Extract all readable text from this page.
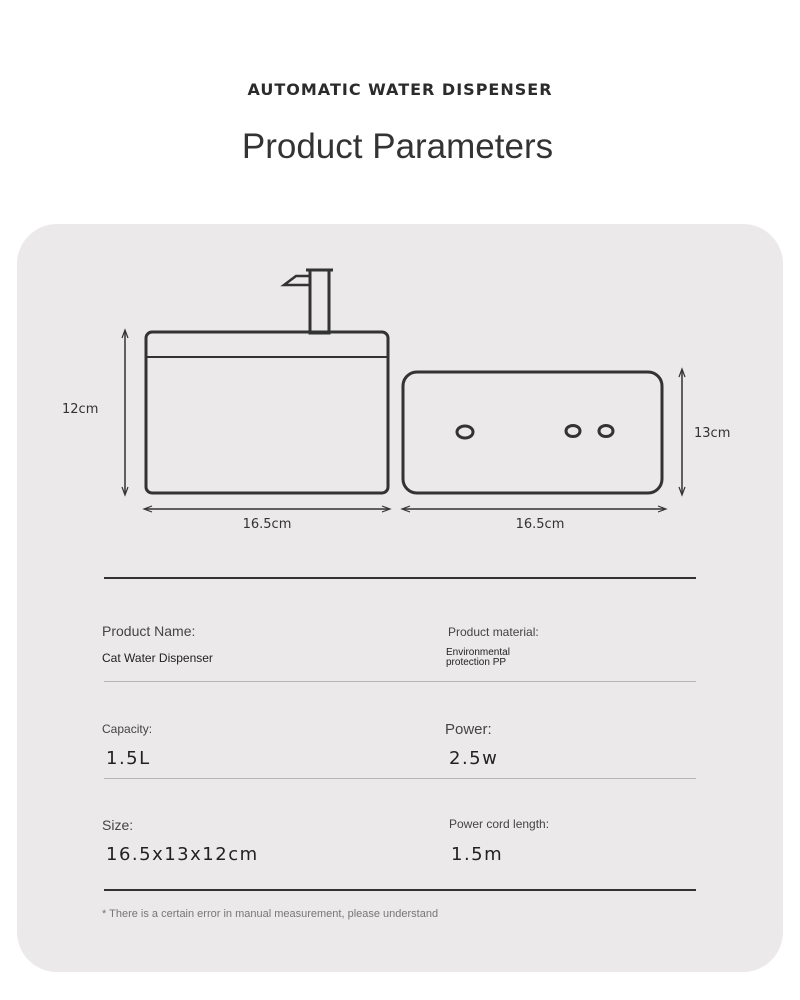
AUTOMATIC WATER DISPENSER
Product Parameters
12cm
16.5cm
13cm
16.5cm
Product Name:
Cat Water Dispenser
Product material:
Environmental
protection PP
Capacity:
1.5L
Power:
2.5w
Size:
16.5x13x12cm
Power cord length:
1.5m
* There is a certain error in manual measurement, please understand
